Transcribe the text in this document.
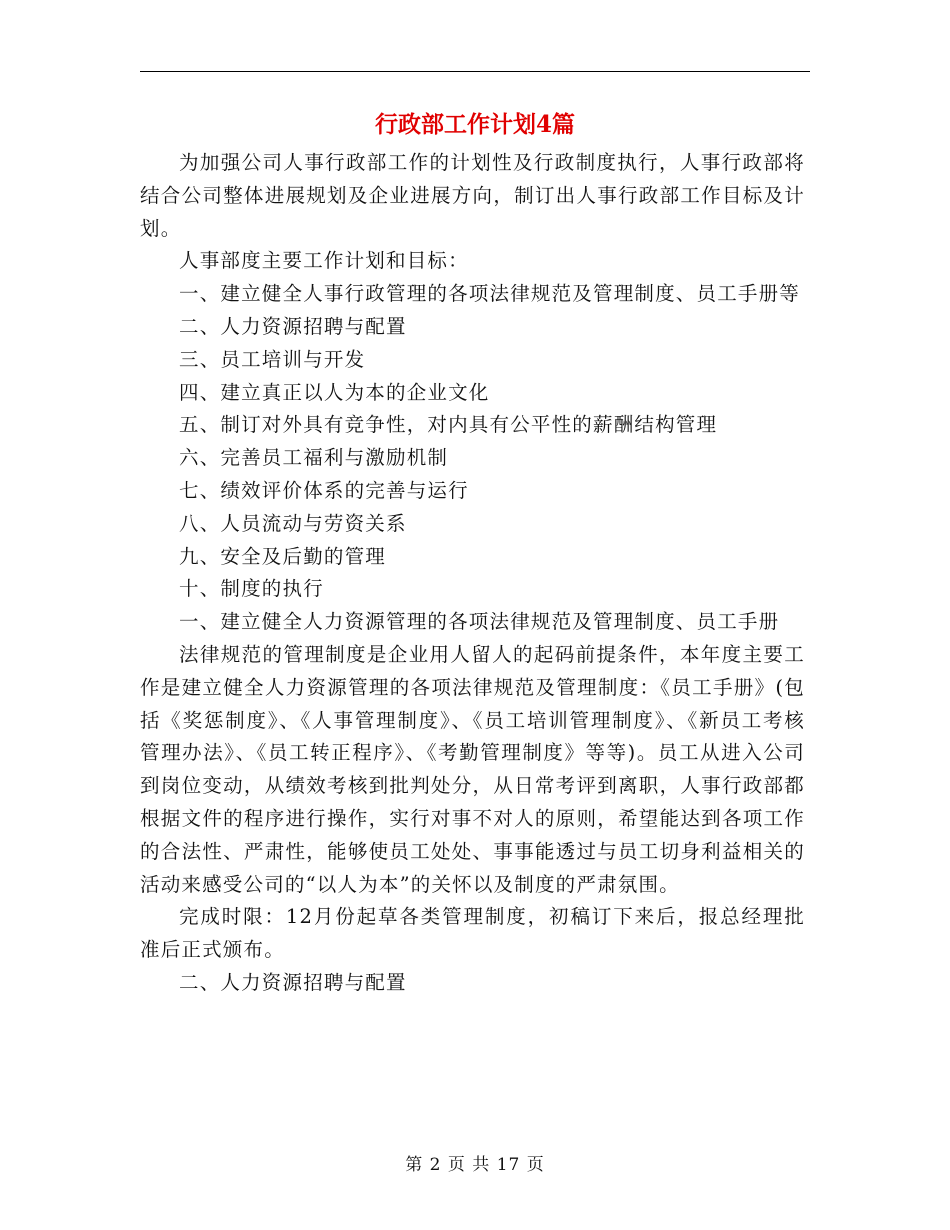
行政部工作计划4篇

为加强公司人事行政部工作的计划性及行政制度执行，人事行政部将结合公司整体进展规划及企业进展方向，制订出人事行政部工作目标及计划。

人事部度主要工作计划和目标：

一、建立健全人事行政管理的各项法律规范及管理制度、员工手册等

二、人力资源招聘与配置

三、员工培训与开发

四、建立真正以人为本的企业文化

五、制订对外具有竞争性，对内具有公平性的薪酬结构管理

六、完善员工福利与激励机制

七、绩效评价体系的完善与运行

八、人员流动与劳资关系

九、安全及后勤的管理

十、制度的执行

一、建立健全人力资源管理的各项法律规范及管理制度、员工手册

法律规范的管理制度是企业用人留人的起码前提条件，本年度主要工作是建立健全人力资源管理的各项法律规范及管理制度：《员工手册》(包括《奖惩制度》、《人事管理制度》、《员工培训管理制度》、《新员工考核管理办法》、《员工转正程序》、《考勤管理制度》等等)。员工从进入公司到岗位变动，从绩效考核到批判处分，从日常考评到离职，人事行政部都根据文件的程序进行操作，实行对事不对人的原则，希望能达到各项工作的合法性、严肃性，能够使员工处处、事事能透过与员工切身利益相关的活动来感受公司的“以人为本”的关怀以及制度的严肃氛围。

完成时限：12月份起草各类管理制度，初稿订下来后，报总经理批准后正式颁布。

二、人力资源招聘与配置

第 2 页 共 17 页
